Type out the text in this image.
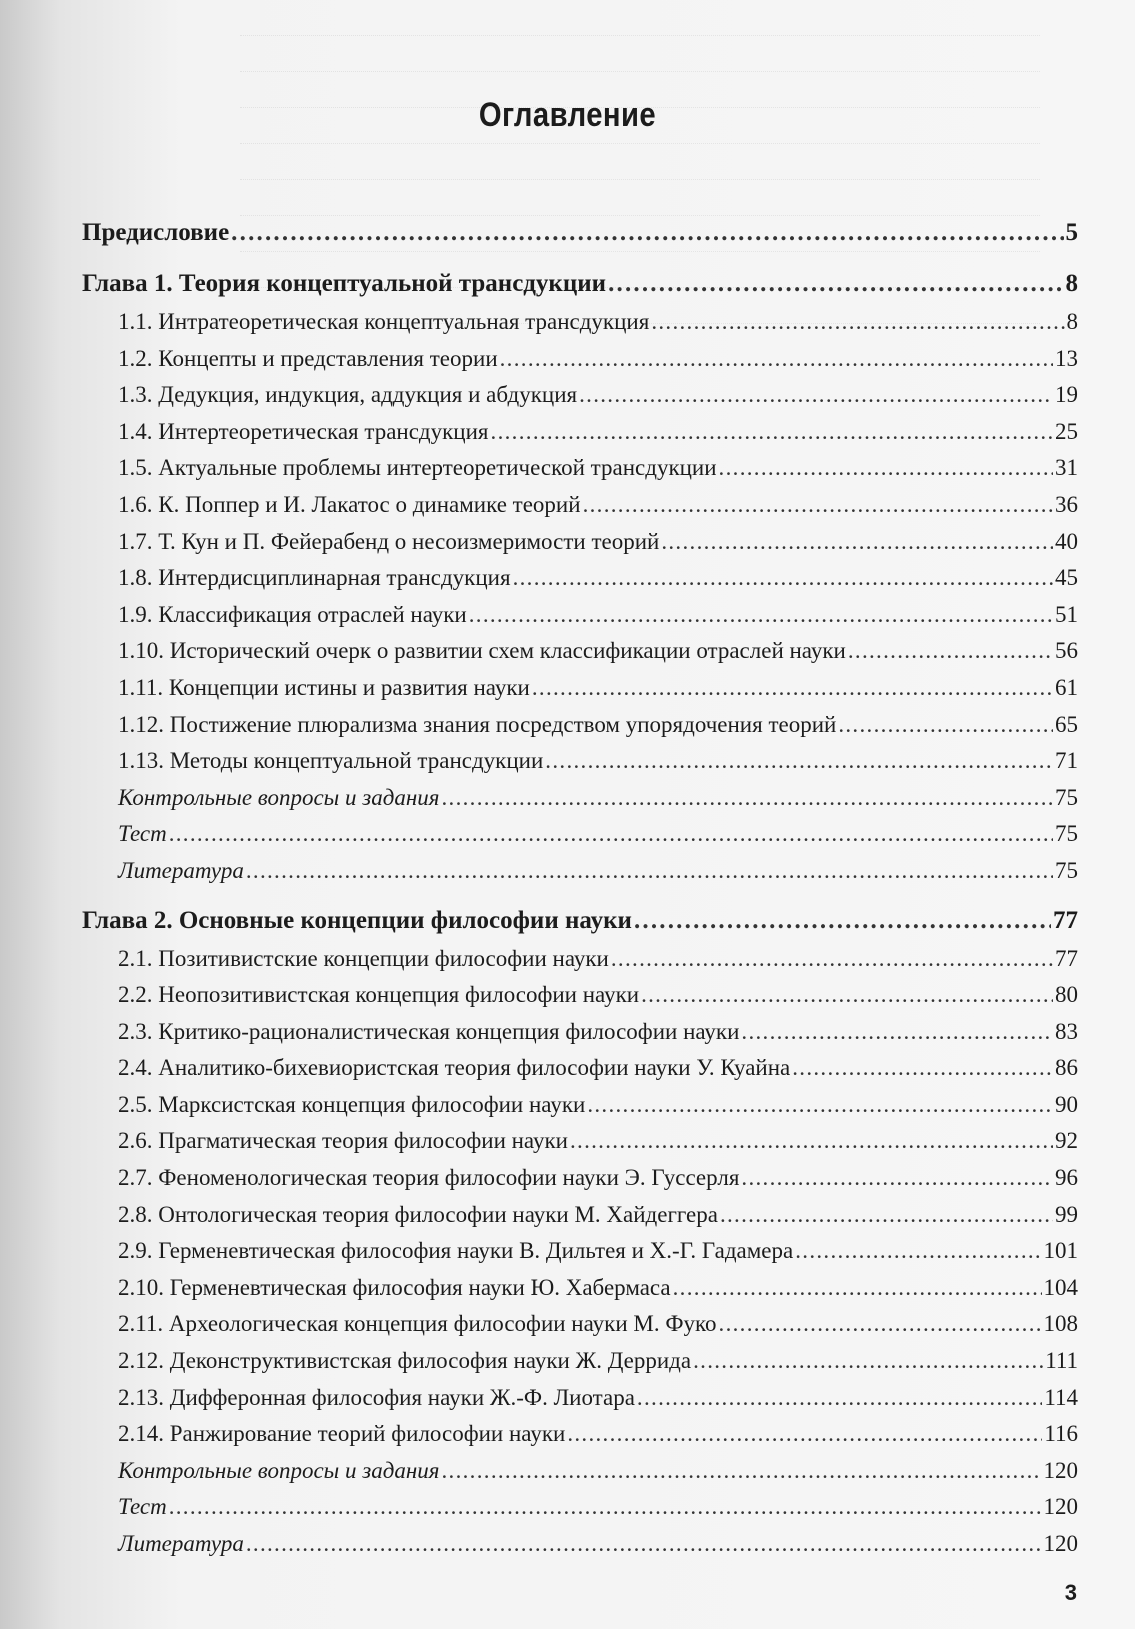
Оглавление
Предисловие .....	5
Глава 1. Теория концептуальной трансдукции .....	8
1.1. Интратеоретическая концептуальная трансдукция .....	8
1.2. Концепты и представления теории .....	13
1.3. Дедукция, индукция, аддукция и абдукция .....	19
1.4. Интертеоретическая трансдукция .....	25
1.5. Актуальные проблемы интертеоретической трансдукции .....	31
1.6. К. Поппер и И. Лакатос о динамике теорий .....	36
1.7. Т. Кун и П. Фейерабенд о несоизмеримости теорий .....	40
1.8. Интердисциплинарная трансдукция .....	45
1.9. Классификация отраслей науки .....	51
1.10. Исторический очерк о развитии схем классификации отраслей науки .....	56
1.11. Концепции истины и развития науки .....	61
1.12. Постижение плюрализма знания посредством упорядочения теорий .....	65
1.13. Методы концептуальной трансдукции .....	71
Контрольные вопросы и задания .....	75
Тест .....	75
Литература .....	75
Глава 2. Основные концепции философии науки .....	77
2.1. Позитивистские концепции философии науки .....	77
2.2. Неопозитивистская концепция философии науки .....	80
2.3. Критико-рационалистическая концепция философии науки .....	83
2.4. Аналитико-бихевиористская теория философии науки У. Куайна .....	86
2.5. Марксистская концепция философии науки .....	90
2.6. Прагматическая теория философии науки .....	92
2.7. Феноменологическая теория философии науки Э. Гуссерля .....	96
2.8. Онтологическая теория философии науки М. Хайдеггера .....	99
2.9. Герменевтическая философия науки В. Дильтея и Х.-Г. Гадамера .....	101
2.10. Герменевтическая философия науки Ю. Хабермаса .....	104
2.11. Археологическая концепция философии науки М. Фуко .....	108
2.12. Деконструктивистская философия науки Ж. Деррида .....	111
2.13. Дифферонная философия науки Ж.-Ф. Лиотара .....	114
2.14. Ранжирование теорий философии науки .....	116
Контрольные вопросы и задания .....	120
Тест .....	120
Литература .....	120
3
